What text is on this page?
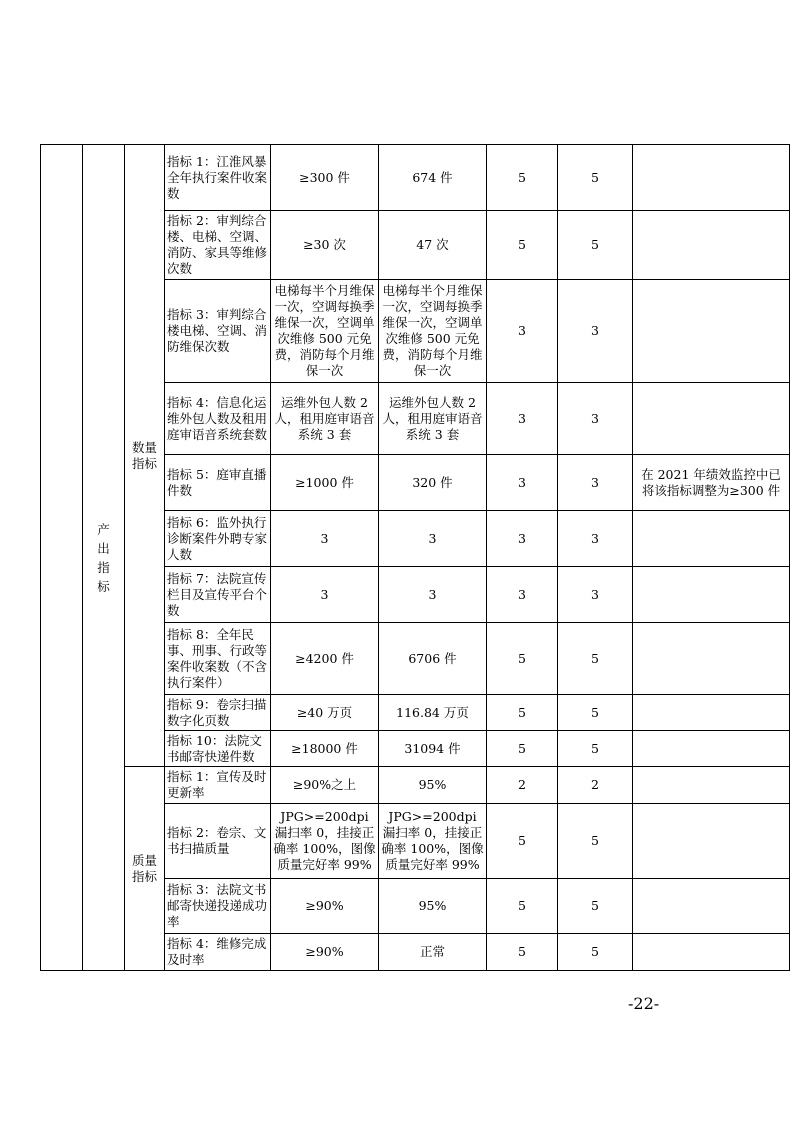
	产出指标	数量指标	指标 1：江淮风暴全年执行案件收案数	≥300 件	674 件	5	5	
			指标 2：审判综合楼、电梯、空调、消防、家具等维修次数	≥30 次	47 次	5	5	
			指标 3：审判综合楼电梯、空调、消防维保次数	电梯每半个月维保一次，空调每换季维保一次，空调单次维修 500 元免费，消防每个月维保一次	电梯每半个月维保一次，空调每换季维保一次，空调单次维修 500 元免费，消防每个月维保一次	3	3	
			指标 4：信息化运维外包人数及租用庭审语音系统套数	运维外包人数 2 人，租用庭审语音系统 3 套	运维外包人数 2 人，租用庭审语音系统 3 套	3	3	
			指标 5：庭审直播件数	≥1000 件	320 件	3	3	在 2021 年绩效监控中已将该指标调整为≥300 件
			指标 6：监外执行诊断案件外聘专家人数	3	3	3	3	
			指标 7：法院宣传栏目及宣传平台个数	3	3	3	3	
			指标 8：全年民事、刑事、行政等案件收案数（不含执行案件）	≥4200 件	6706 件	5	5	
			指标 9：卷宗扫描数字化页数	≥40 万页	116.84 万页	5	5	
			指标 10：法院文书邮寄快递件数	≥18000 件	31094 件	5	5	
		质量指标	指标 1：宣传及时更新率	≥90%之上	95%	2	2	
			指标 2：卷宗、文书扫描质量	JPG>=200dpi 漏扫率 0，挂接正确率 100%，图像质量完好率 99%	JPG>=200dpi 漏扫率 0，挂接正确率 100%，图像质量完好率 99%	5	5	
			指标 3：法院文书邮寄快递投递成功率	≥90%	95%	5	5	
			指标 4：维修完成及时率	≥90%	正常	5	5	
-22-
